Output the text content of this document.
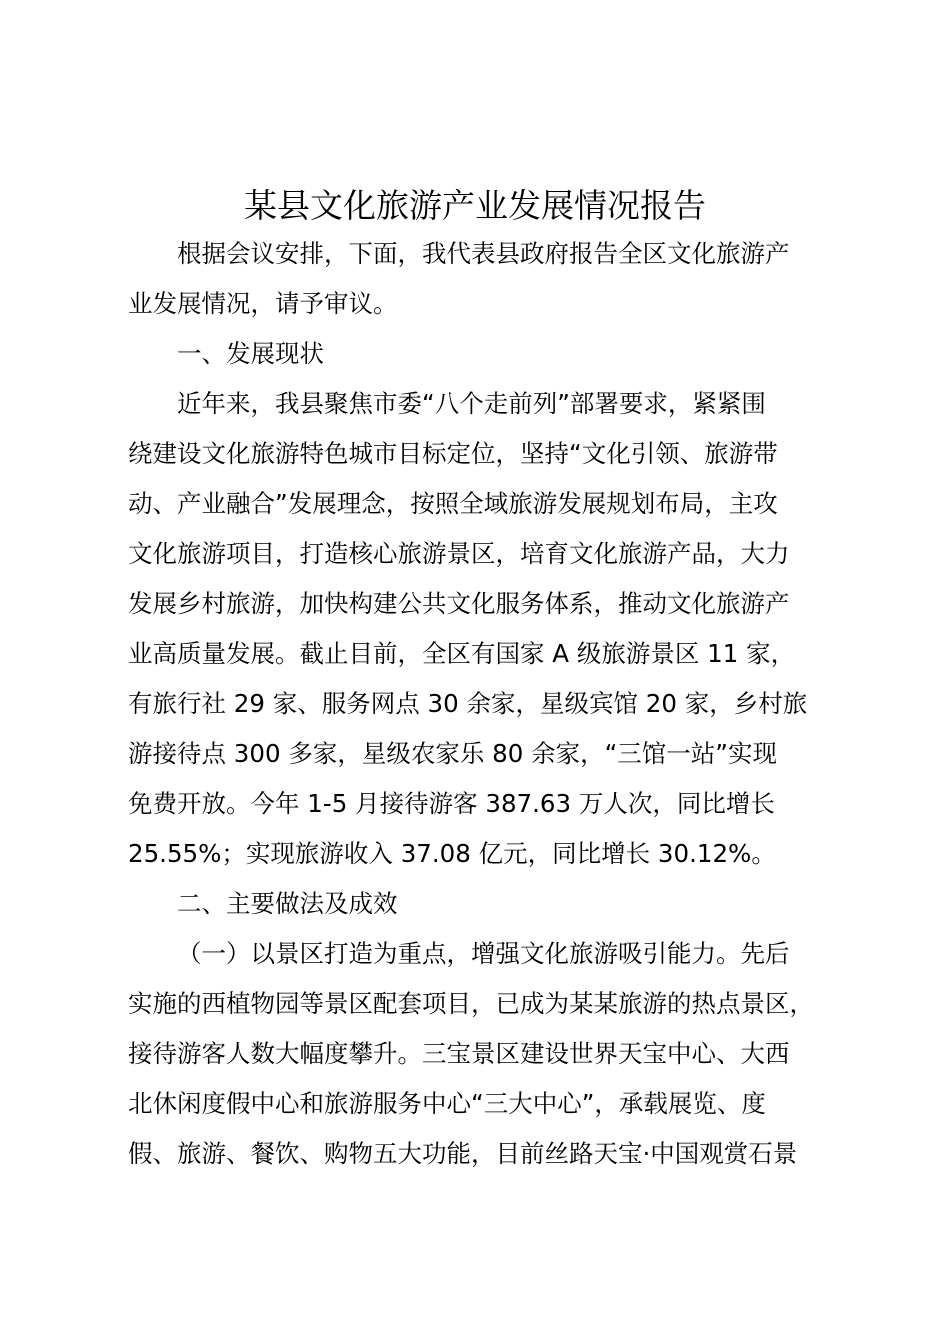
某县文化旅游产业发展情况报告

根据会议安排，下面，我代表县政府报告全区文化旅游产

业发展情况，请予审议。

一、发展现状

近年来，我县聚焦市委“八个走前列”部署要求，紧紧围

绕建设文化旅游特色城市目标定位，坚持“文化引领、旅游带

动、产业融合”发展理念，按照全域旅游发展规划布局，主攻

文化旅游项目，打造核心旅游景区，培育文化旅游产品，大力

发展乡村旅游，加快构建公共文化服务体系，推动文化旅游产

业高质量发展。截止目前，全区有国家 A 级旅游景区 11 家，

有旅行社 29 家、服务网点 30 余家，星级宾馆 20 家，乡村旅

游接待点 300 多家，星级农家乐 80 余家，“三馆一站”实现

免费开放。今年 1-5 月接待游客 387.63 万人次，同比增长

25.55%；实现旅游收入 37.08 亿元，同比增长 30.12%。

二、主要做法及成效

（一）以景区打造为重点，增强文化旅游吸引能力。先后

实施的西植物园等景区配套项目，已成为某某旅游的热点景区，

接待游客人数大幅度攀升。三宝景区建设世界天宝中心、大西

北休闲度假中心和旅游服务中心“三大中心”，承载展览、度

假、旅游、餐饮、购物五大功能，目前丝路天宝·中国观赏石景
